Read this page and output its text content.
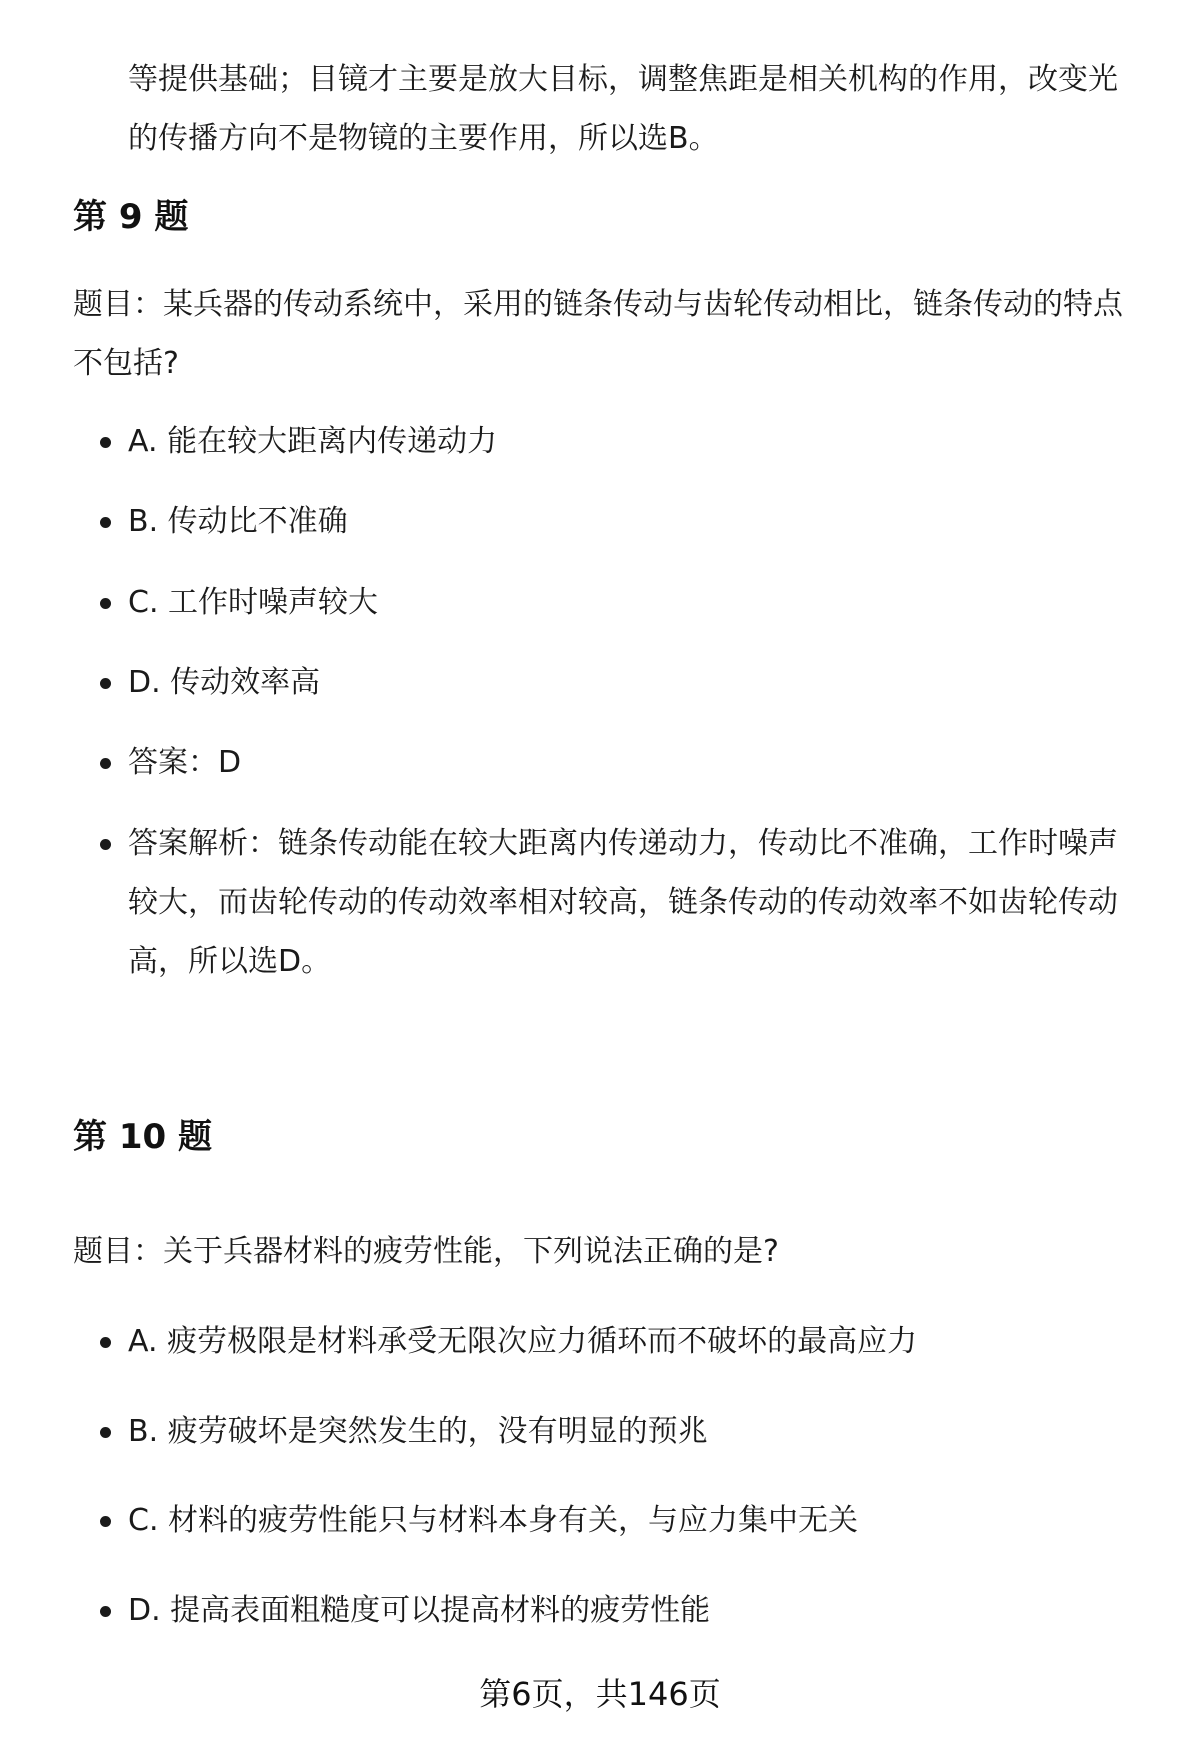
等提供基础；目镜才主要是放大目标，调整焦距是相关机构的作用，改变光的传播方向不是物镜的主要作用，所以选B。

第 9 题

题目：某兵器的传动系统中，采用的链条传动与齿轮传动相比，链条传动的特点不包括?

A. 能在较大距离内传递动力
B. 传动比不准确
C. 工作时噪声较大
D. 传动效率高
答案：D
答案解析：链条传动能在较大距离内传递动力，传动比不准确，工作时噪声较大，而齿轮传动的传动效率相对较高，链条传动的传动效率不如齿轮传动高，所以选D。
第 10 题

题目：关于兵器材料的疲劳性能，下列说法正确的是?

A. 疲劳极限是材料承受无限次应力循环而不破坏的最高应力
B. 疲劳破坏是突然发生的，没有明显的预兆
C. 材料的疲劳性能只与材料本身有关，与应力集中无关
D. 提高表面粗糙度可以提高材料的疲劳性能
第6页，共146页
